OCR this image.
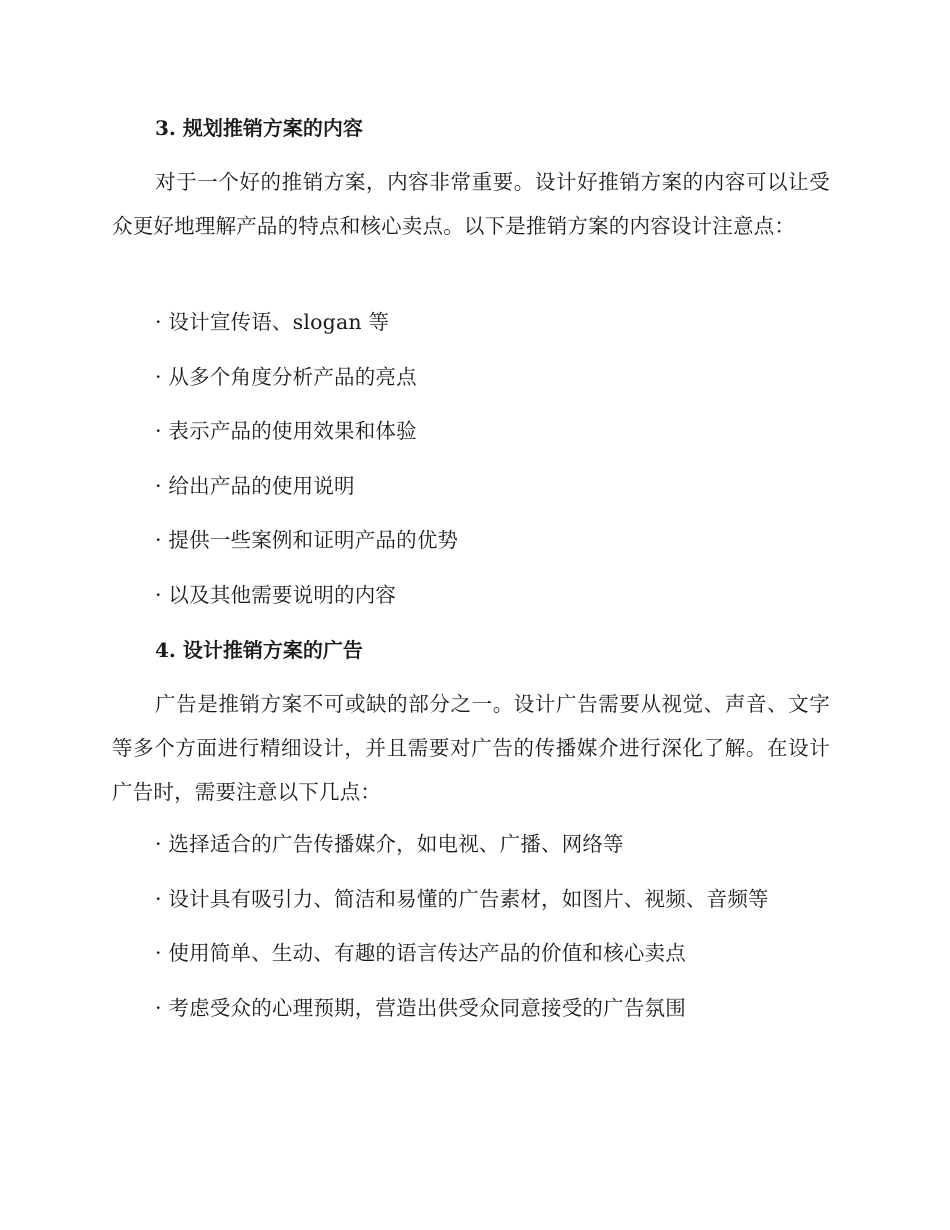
3. 规划推销方案的内容
对于一个好的推销方案，内容非常重要。设计好推销方案的内容可以让受众更好地理解产品的特点和核心卖点。以下是推销方案的内容设计注意点：
· 设计宣传语、slogan 等
· 从多个角度分析产品的亮点
· 表示产品的使用效果和体验
· 给出产品的使用说明
· 提供一些案例和证明产品的优势
· 以及其他需要说明的内容
4. 设计推销方案的广告
广告是推销方案不可或缺的部分之一。设计广告需要从视觉、声音、文字等多个方面进行精细设计，并且需要对广告的传播媒介进行深化了解。在设计广告时，需要注意以下几点：
· 选择适合的广告传播媒介，如电视、广播、网络等
· 设计具有吸引力、简洁和易懂的广告素材，如图片、视频、音频等
· 使用简单、生动、有趣的语言传达产品的价值和核心卖点
· 考虑受众的心理预期，营造出供受众同意接受的广告氛围
